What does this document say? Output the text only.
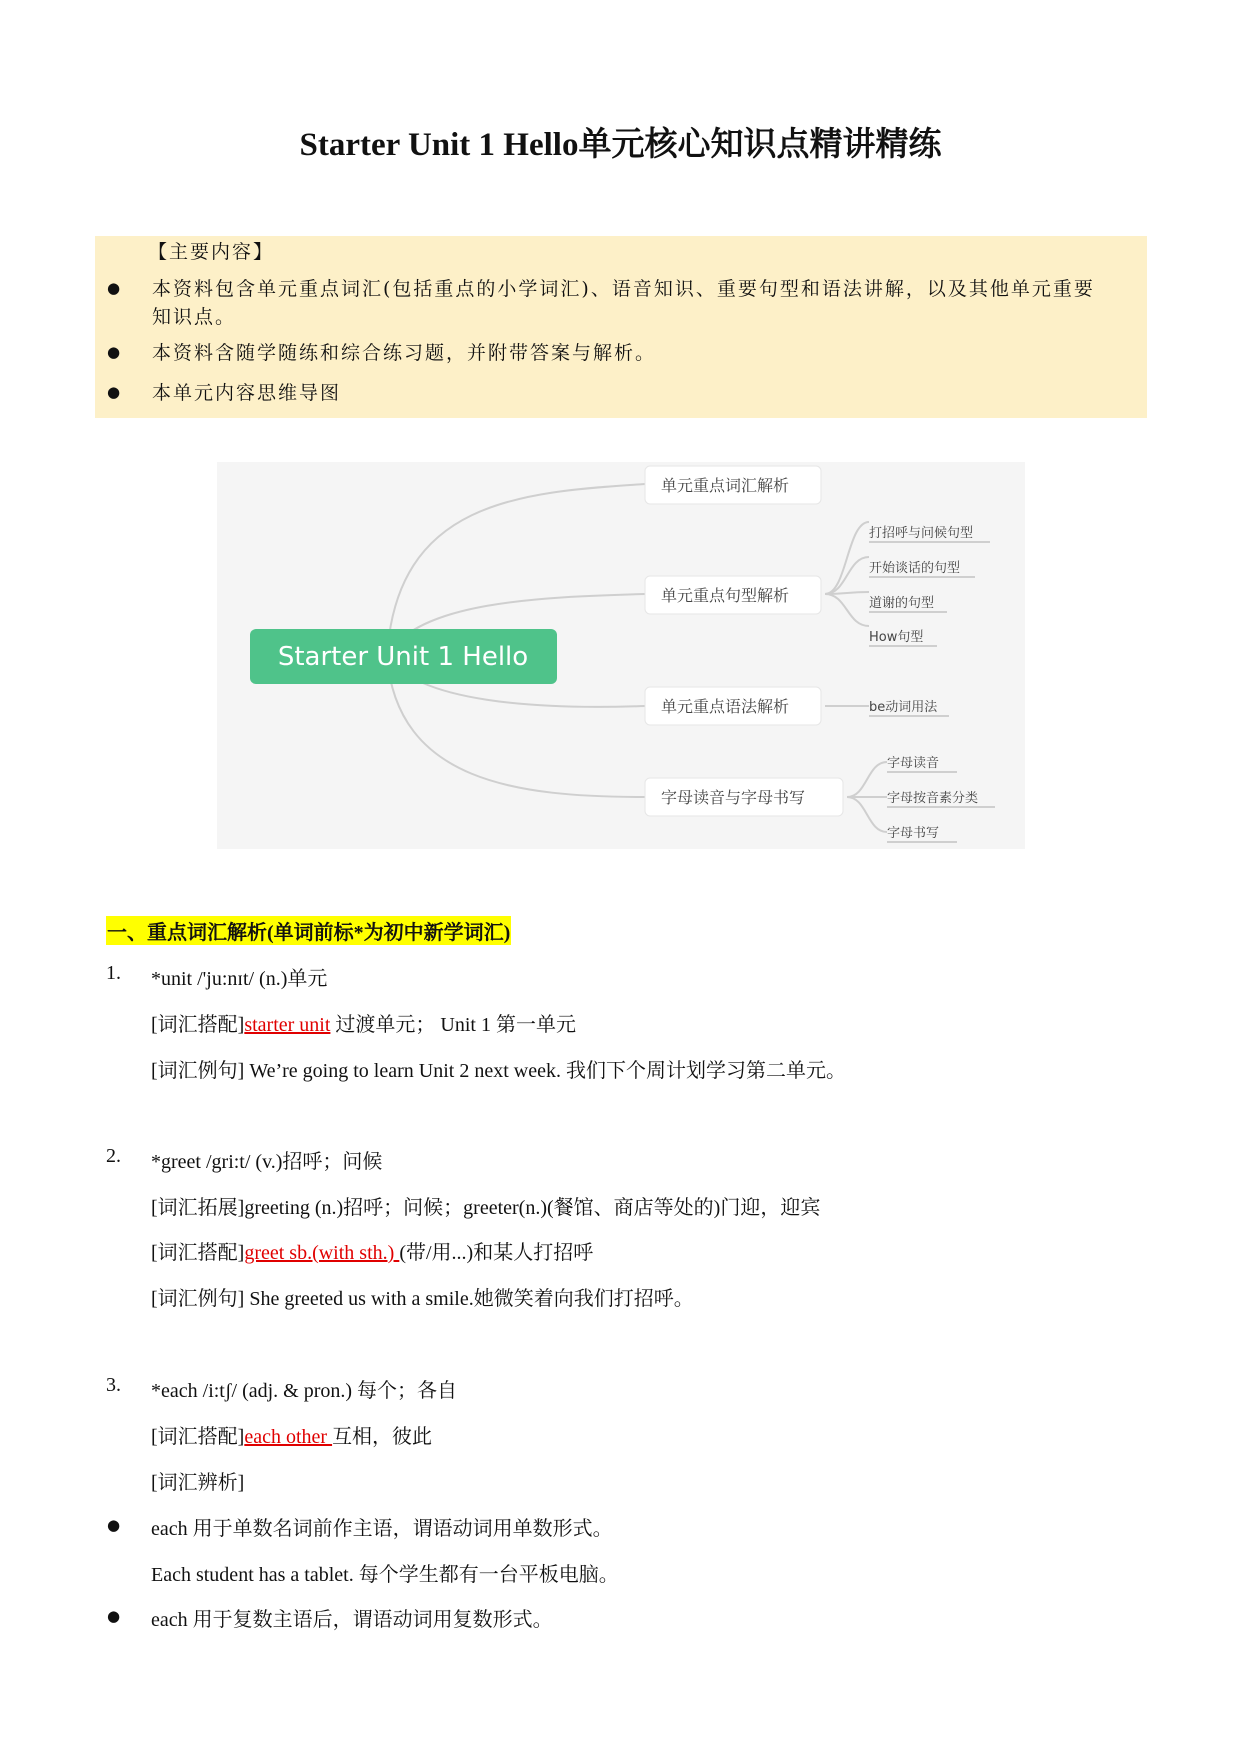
Starter Unit 1 Hello单元核心知识点精讲精练
【主要内容】
● 本资料包含单元重点词汇(包括重点的小学词汇)、语音知识、重要句型和语法讲解，以及其他单元重要
知识点。
● 本资料含随学随练和综合练习题，并附带答案与解析。
● 本单元内容思维导图
Starter Unit 1 Hello
单元重点词汇解析
单元重点句型解析
单元重点语法解析
字母读音与字母书写
打招呼与问候句型
开始谈话的句型
道谢的句型
How句型
be动词用法
字母读音
字母按音素分类
字母书写
一、重点词汇解析(单词前标*为初中新学词汇)
1. *unit /'ju:nɪt/ (n.)单元
[词汇搭配]starter unit 过渡单元； Unit 1 第一单元
[词汇例句] We’re going to learn Unit 2 next week. 我们下个周计划学习第二单元。
2. *greet /gri:t/ (v.)招呼；问候
[词汇拓展]greeting (n.)招呼；问候；greeter(n.)(餐馆、商店等处的)门迎，迎宾
[词汇搭配]greet sb.(with sth.) (带/用...)和某人打招呼
[词汇例句] She greeted us with a smile.她微笑着向我们打招呼。
3. *each /i:tʃ/ (adj. & pron.) 每个；各自
[词汇搭配]each other 互相，彼此
[词汇辨析]
● each 用于单数名词前作主语，谓语动词用单数形式。
Each student has a tablet. 每个学生都有一台平板电脑。
● each 用于复数主语后，谓语动词用复数形式。
